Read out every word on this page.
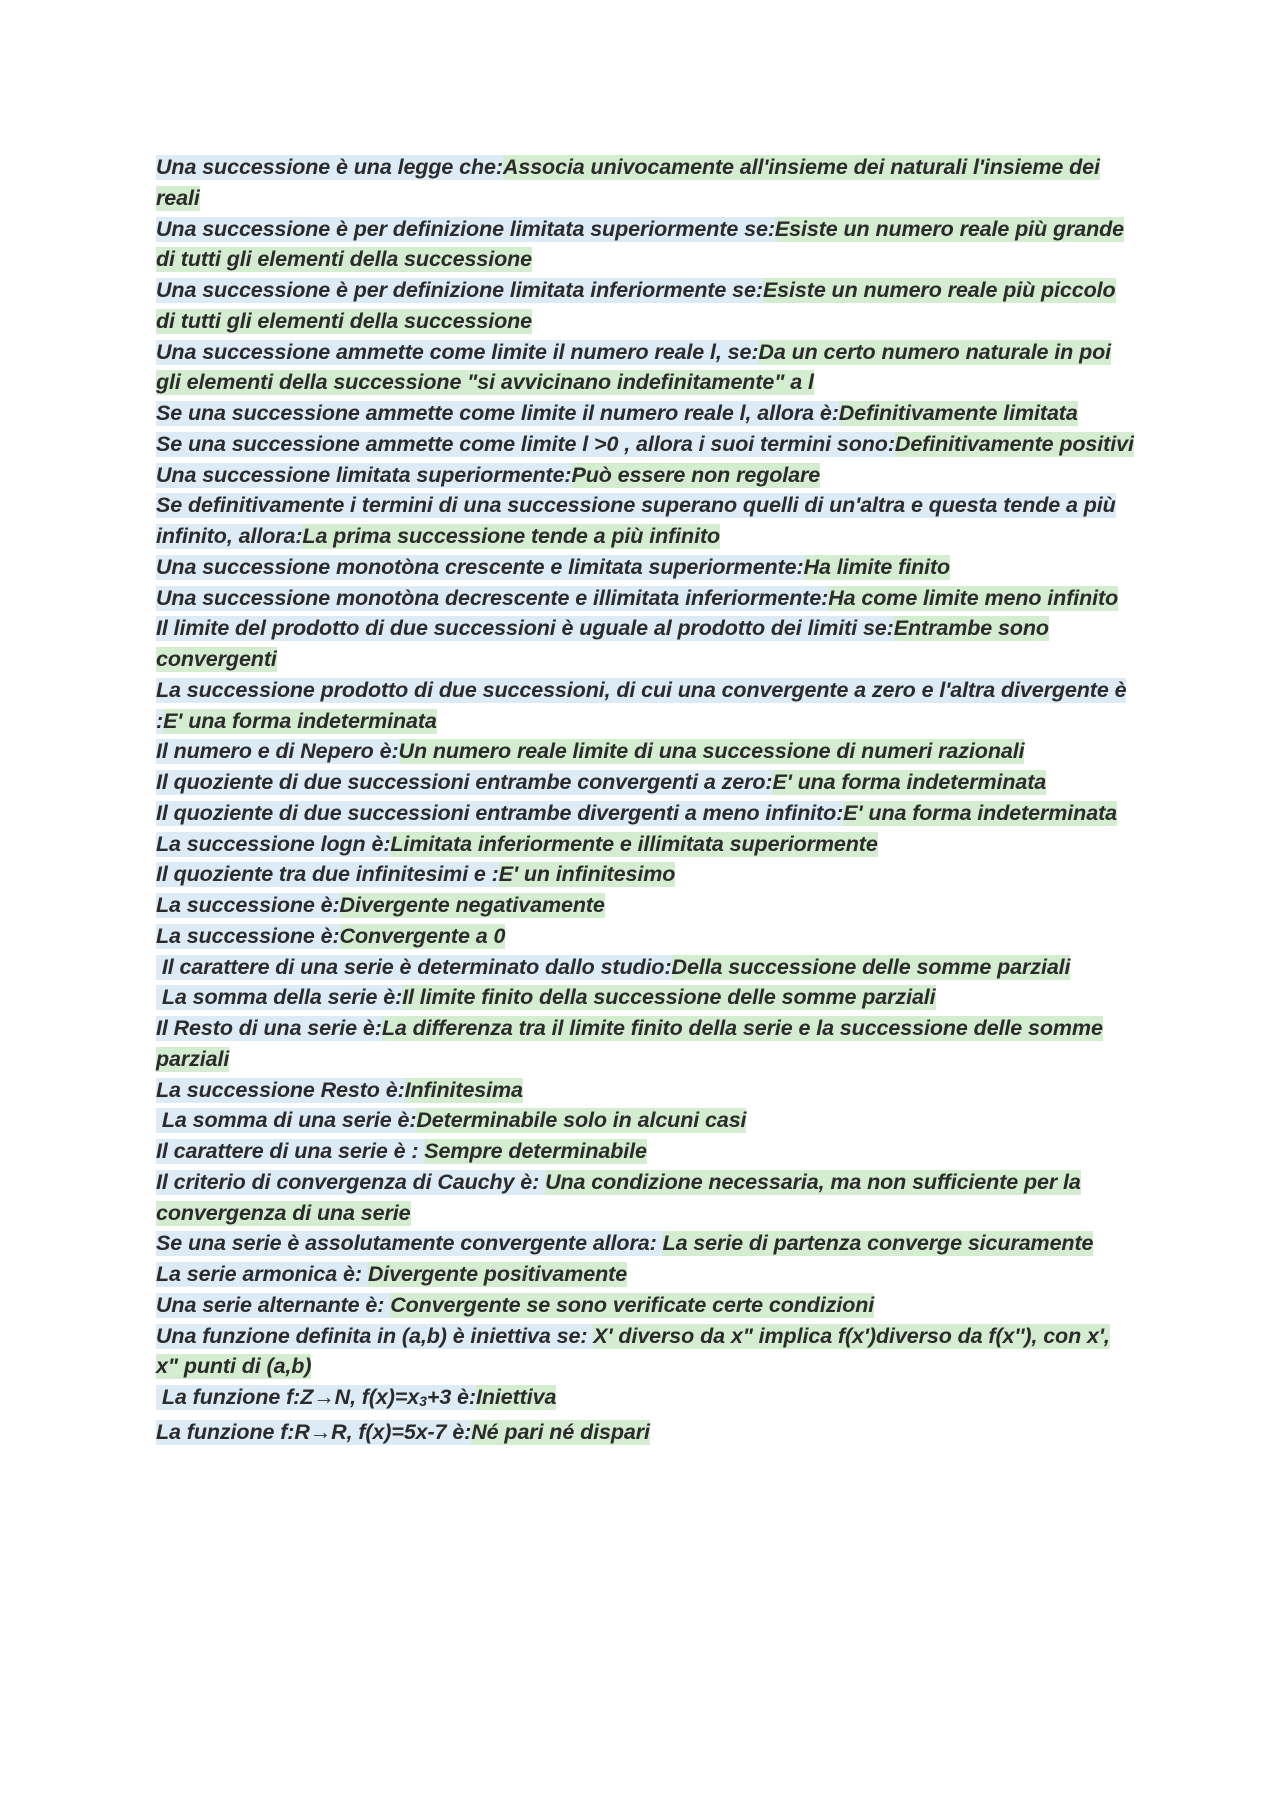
Una successione è una legge che:Associa univocamente all'insieme dei naturali l'insieme dei reali

Una successione è per definizione limitata superiormente se:Esiste un numero reale più grande di tutti gli elementi della successione

Una successione è per definizione limitata inferiormente se:Esiste un numero reale più piccolo di tutti gli elementi della successione

Una successione ammette come limite il numero reale l, se:Da un certo numero naturale in poi gli elementi della successione "si avvicinano indefinitamente" a l

Se una successione ammette come limite il numero reale l, allora è:Definitivamente limitata

Se una successione ammette come limite l >0 , allora i suoi termini sono:Definitivamente positivi

Una successione limitata superiormente:Può essere non regolare

Se definitivamente i termini di una successione superano quelli di un'altra e questa tende a più infinito, allora:La prima successione tende a più infinito

Una successione monotòna crescente e limitata superiormente:Ha limite finito

Una successione monotòna decrescente e illimitata inferiormente:Ha come limite meno infinito

Il limite del prodotto di due successioni è uguale al prodotto dei limiti se:Entrambe sono convergenti

La successione prodotto di due successioni, di cui una convergente a zero e l'altra divergente è :E' una forma indeterminata

Il numero e di Nepero è:Un numero reale limite di una successione di numeri razionali

Il quoziente di due successioni entrambe convergenti a zero:E' una forma indeterminata

Il quoziente di due successioni entrambe divergenti a meno infinito:E' una forma indeterminata

La successione logn è:Limitata inferiormente e illimitata superiormente

Il quoziente tra due infinitesimi e :E' un infinitesimo

La successione è:Divergente negativamente

La successione è:Convergente a 0

Il carattere di una serie è determinato dallo studio:Della successione delle somme parziali

La somma della serie è:Il limite finito della successione delle somme parziali

Il Resto di una serie è:La differenza tra il limite finito della serie e la successione delle somme parziali

La successione Resto è:Infinitesima

La somma di una serie è:Determinabile solo in alcuni casi

Il carattere di una serie è : Sempre determinabile

Il criterio di convergenza di Cauchy è: Una condizione necessaria, ma non sufficiente per la convergenza di una serie

Se una serie è assolutamente convergente allora: La serie di partenza converge sicuramente

La serie armonica è: Divergente positivamente

Una serie alternante è: Convergente se sono verificate certe condizioni

Una funzione definita in (a,b) è iniettiva se: X' diverso da x" implica f(x')diverso da f(x''), con x', x" punti di (a,b)

La funzione f:Z→N, f(x)=x3+3 è:Iniettiva

La funzione f:R→R, f(x)=5x-7 è:Né pari né dispari
